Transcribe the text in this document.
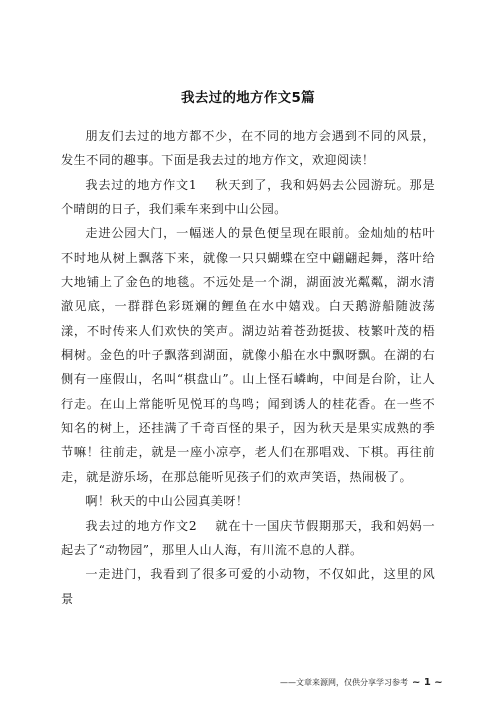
我去过的地方作文5篇

朋友们去过的地方都不少，在不同的地方会遇到不同的风景，发生不同的趣事。下面是我去过的地方作文，欢迎阅读！

我去过的地方作文1 秋天到了，我和妈妈去公园游玩。那是个晴朗的日子，我们乘车来到中山公园。

走进公园大门，一幅迷人的景色便呈现在眼前。金灿灿的枯叶不时地从树上飘落下来，就像一只只蝴蝶在空中翩翩起舞，落叶给大地铺上了金色的地毯。不远处是一个湖，湖面波光粼粼，湖水清澈见底，一群群色彩斑斓的鲤鱼在水中嬉戏。白天鹅游船随波荡漾，不时传来人们欢快的笑声。湖边站着苍劲挺拔、枝繁叶茂的梧桐树。金色的叶子飘落到湖面，就像小船在水中飘呀飘。在湖的右侧有一座假山，名叫“棋盘山”。山上怪石嶙峋，中间是台阶，让人行走。在山上常能听见悦耳的鸟鸣；闻到诱人的桂花香。在一些不知名的树上，还挂满了千奇百怪的果子，因为秋天是果实成熟的季节嘛！往前走，就是一座小凉亭，老人们在那唱戏、下棋。再往前走，就是游乐场，在那总能听见孩子们的欢声笑语，热闹极了。

啊！秋天的中山公园真美呀！

我去过的地方作文2 就在十一国庆节假期那天，我和妈妈一起去了“动物园”，那里人山人海，有川流不息的人群。

一走进门，我看到了很多可爱的小动物，不仅如此，这里的风景

——文章来源网，仅供分享学习参考 ~ 1 ~
